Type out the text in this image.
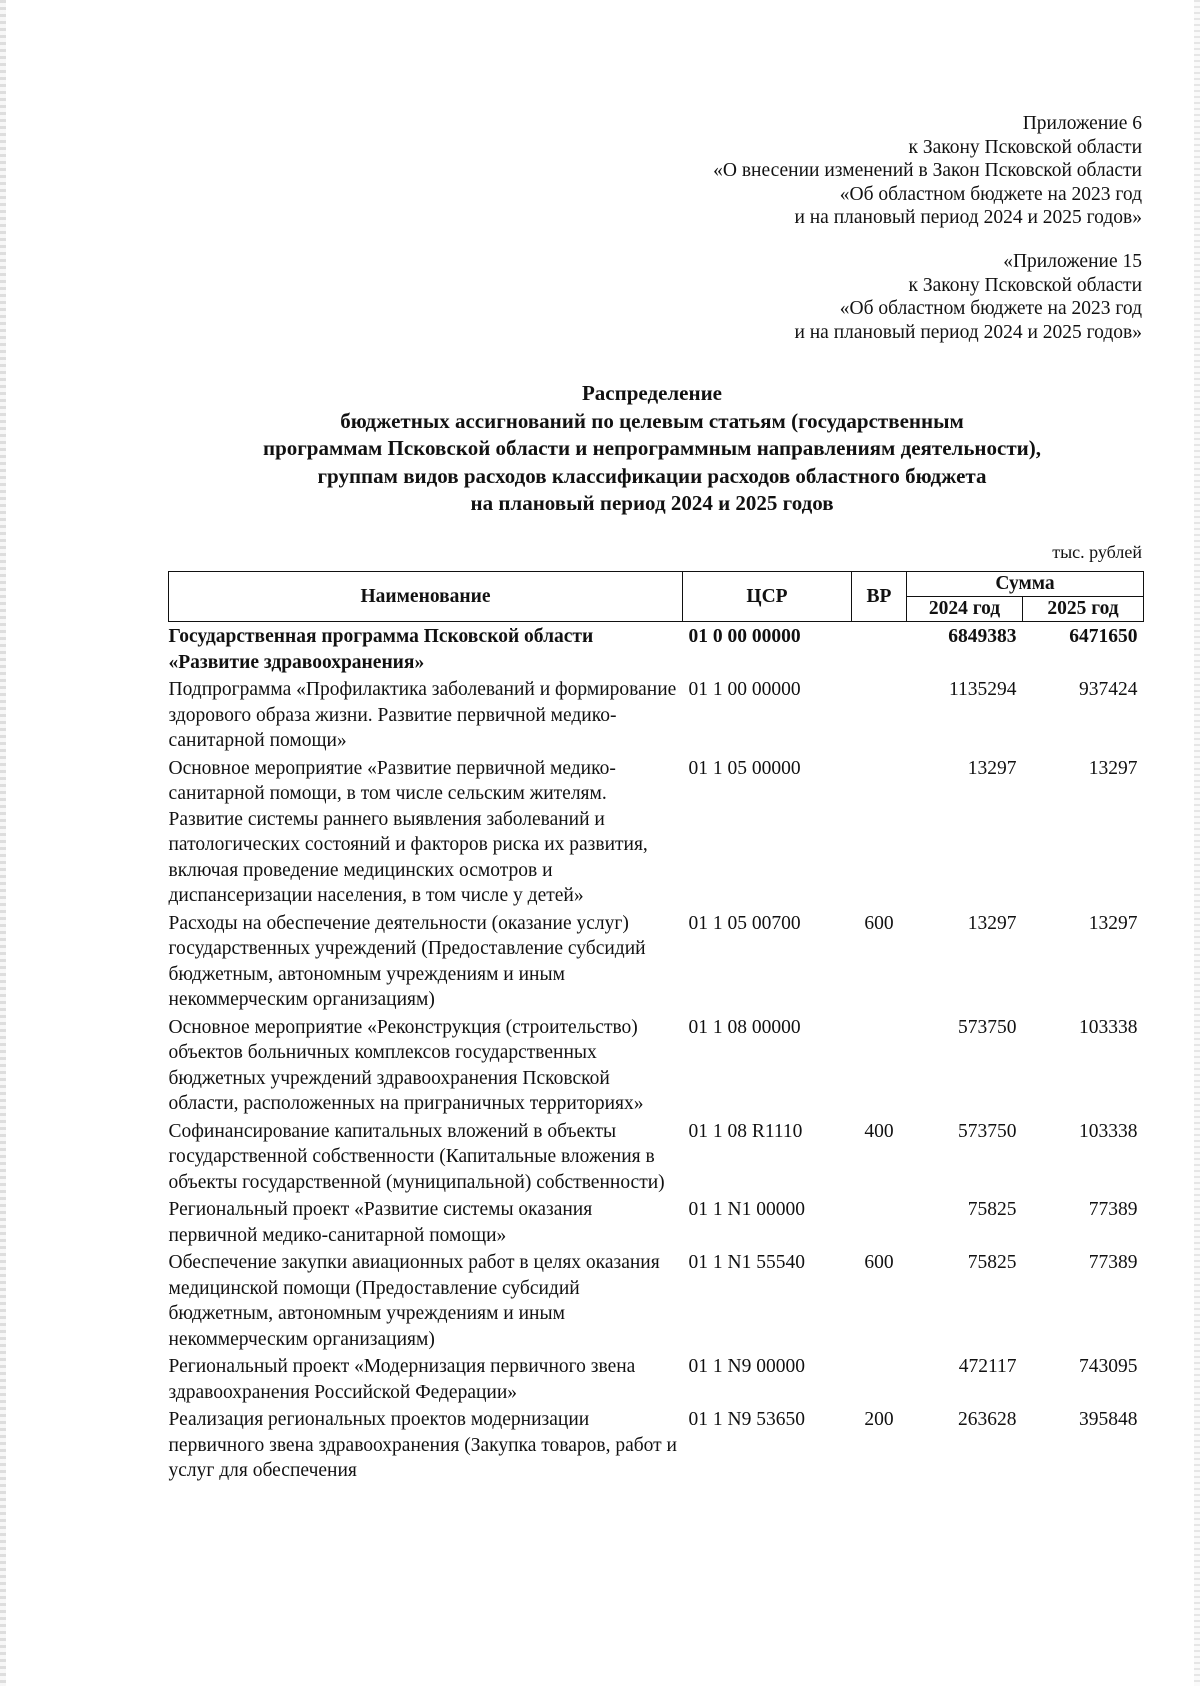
Приложение 6
к Закону Псковской области
«О внесении изменений в Закон Псковской области
«Об областном бюджете на 2023 год
и на плановый период 2024 и 2025 годов»
«Приложение 15
к Закону Псковской области
«Об областном бюджете на 2023 год
и на плановый период 2024 и 2025 годов»
Распределение
бюджетных ассигнований по целевым статьям (государственным
программам Псковской области и непрограммным направлениям деятельности),
группам видов расходов классификации расходов областного бюджета
на плановый период 2024 и 2025 годов
тыс. рублей
Наименование	ЦСР	ВР	Сумма	
			2024 год	2025 год
Государственная программа Псковской области «Развитие здравоохранения»	01 0 00 00000		6849383	6471650
Подпрограмма «Профилактика заболеваний и формирование здорового образа жизни. Развитие первичной медико-санитарной помощи»	01 1 00 00000		1135294	937424
Основное мероприятие «Развитие первичной медико-санитарной помощи, в том числе сельским жителям. Развитие системы раннего выявления заболеваний и патологических состояний и факторов риска их развития, включая проведение медицинских осмотров и диспансеризации населения, в том числе у детей»	01 1 05 00000		13297	13297
Расходы на обеспечение деятельности (оказание услуг) государственных учреждений (Предоставление субсидий бюджетным, автономным учреждениям и иным некоммерческим организациям)	01 1 05 00700	600	13297	13297
Основное мероприятие «Реконструкция (строительство) объектов больничных комплексов государственных бюджетных учреждений здравоохранения Псковской области, расположенных на приграничных территориях»	01 1 08 00000		573750	103338
Софинансирование капитальных вложений в объекты государственной собственности (Капитальные вложения в объекты государственной (муниципальной) собственности)	01 1 08 R1110	400	573750	103338
Региональный проект «Развитие системы оказания первичной медико-санитарной помощи»	01 1 N1 00000		75825	77389
Обеспечение закупки авиационных работ в целях оказания медицинской помощи (Предоставление субсидий бюджетным, автономным учреждениям и иным некоммерческим организациям)	01 1 N1 55540	600	75825	77389
Региональный проект «Модернизация первичного звена здравоохранения Российской Федерации»	01 1 N9 00000		472117	743095
Реализация региональных проектов модернизации первичного звена здравоохранения (Закупка товаров, работ и услуг для обеспечения	01 1 N9 53650	200	263628	395848
